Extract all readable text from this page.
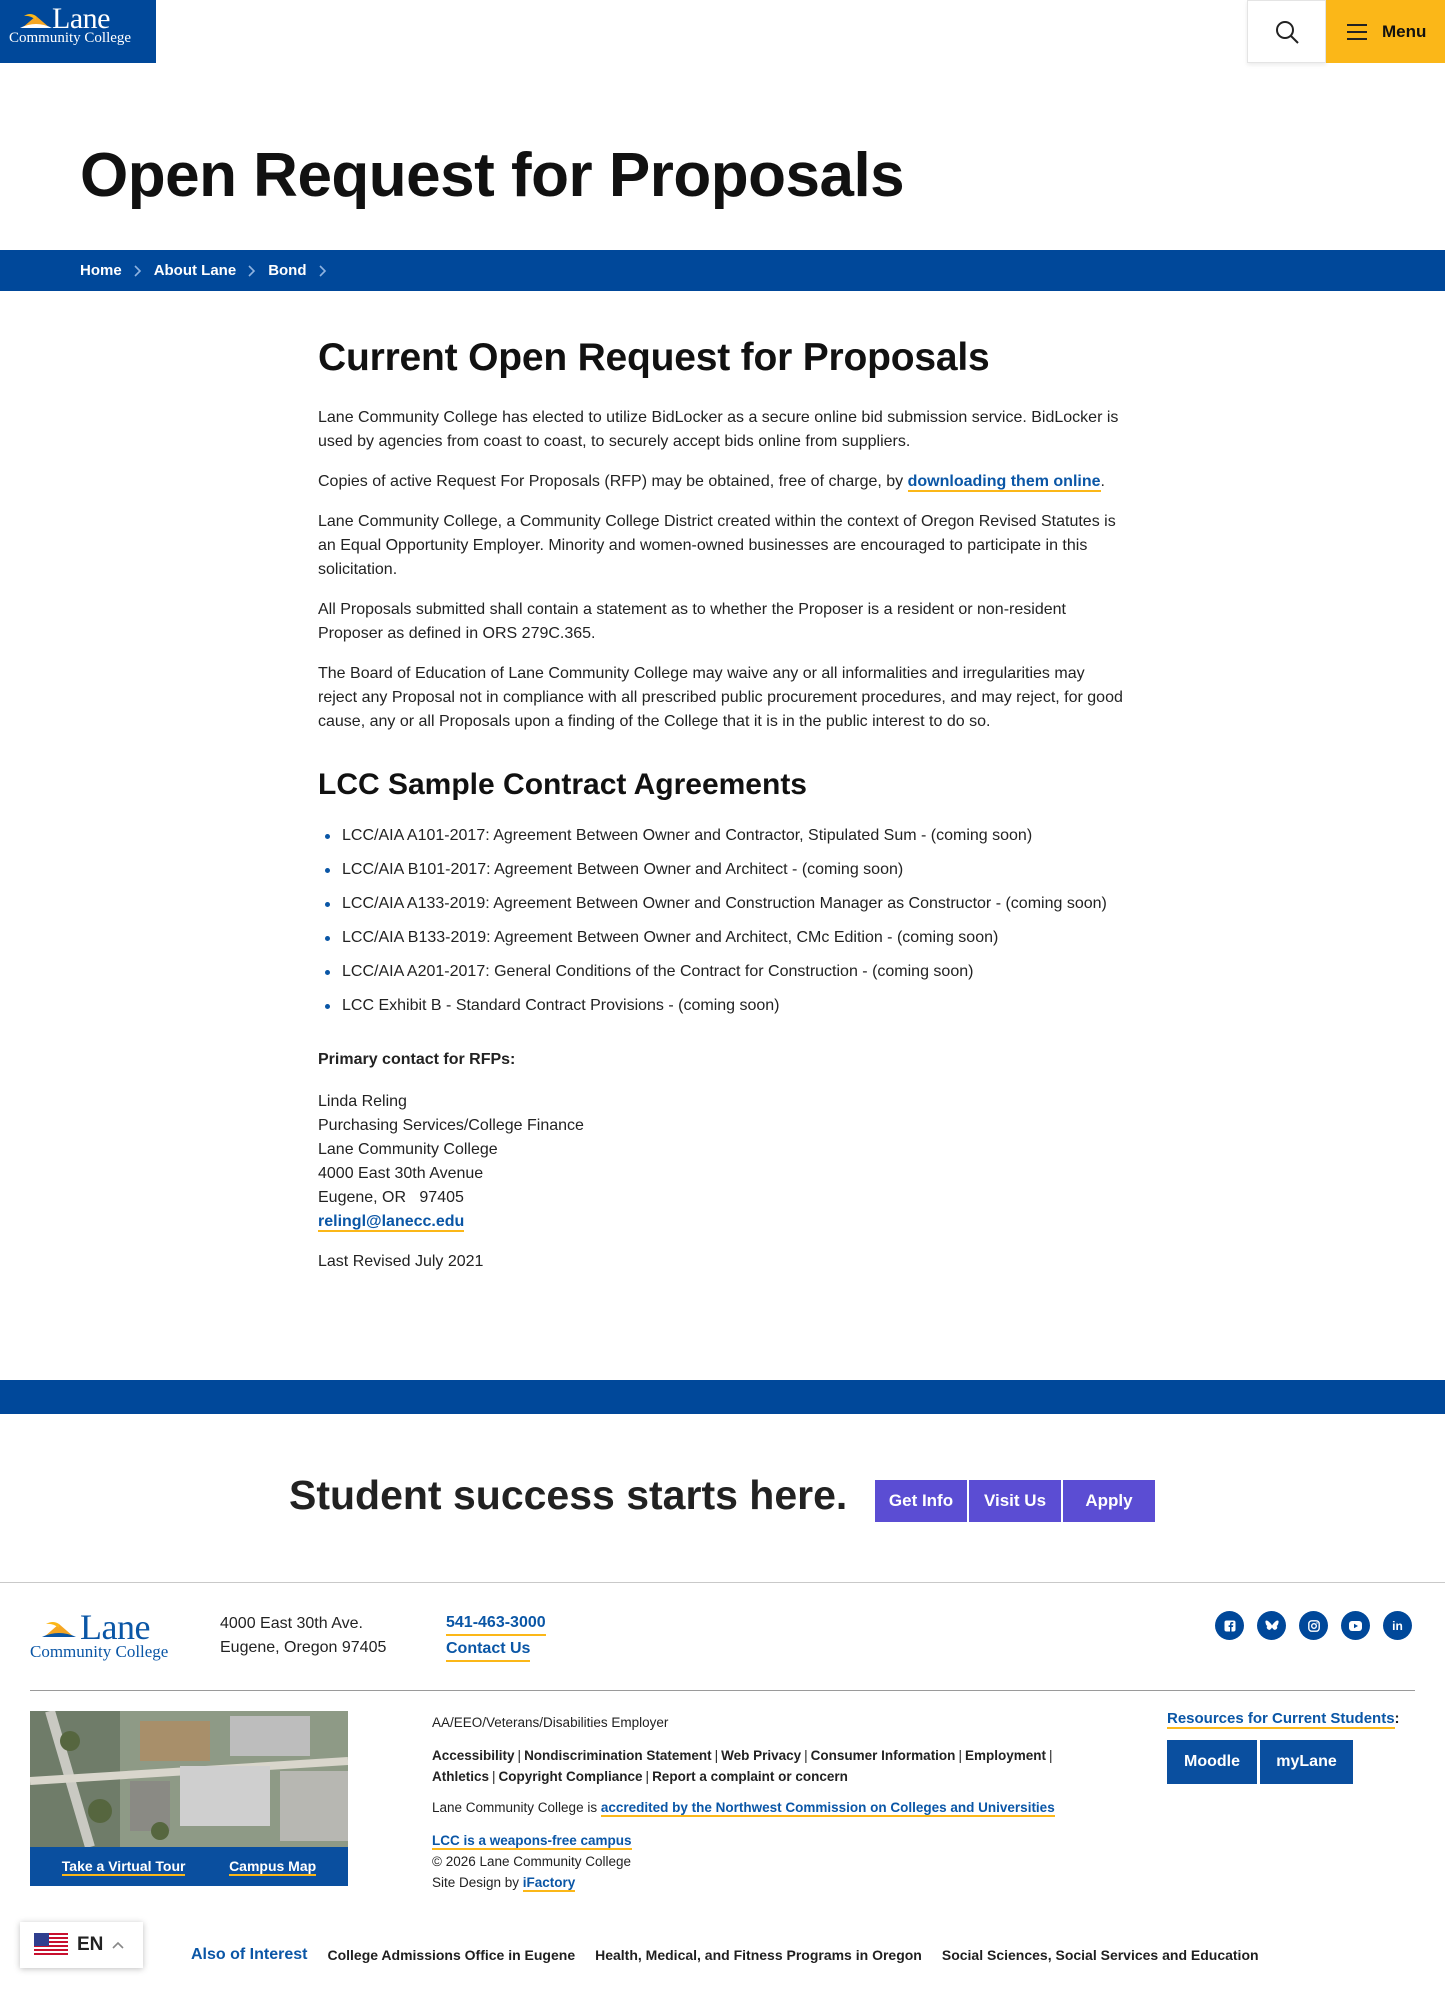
Lane
Community College	Menu
Open Request for Proposals
Home About Lane Bond
Current Open Request for Proposals

Lane Community College has elected to utilize BidLocker as a secure online bid submission service. BidLocker is used by agencies from coast to coast, to securely accept bids online from suppliers.

Copies of active Request For Proposals (RFP) may be obtained, free of charge, by downloading them online.

Lane Community College, a Community College District created within the context of Oregon Revised Statutes is an Equal Opportunity Employer. Minority and women-owned businesses are encouraged to participate in this solicitation.

All Proposals submitted shall contain a statement as to whether the Proposer is a resident or non-resident Proposer as defined in ORS 279C.365.

The Board of Education of Lane Community College may waive any or all informalities and irregularities may reject any Proposal not in compliance with all prescribed public procurement procedures, and may reject, for good cause, any or all Proposals upon a finding of the College that it is in the public interest to do so.

LCC Sample Contract Agreements
LCC/AIA A101-2017: Agreement Between Owner and Contractor, Stipulated Sum - (coming soon)
LCC/AIA B101-2017: Agreement Between Owner and Architect - (coming soon)
LCC/AIA A133-2019: Agreement Between Owner and Construction Manager as Constructor - (coming soon)
LCC/AIA B133-2019: Agreement Between Owner and Architect, CMc Edition - (coming soon)
LCC/AIA A201-2017: General Conditions of the Contract for Construction - (coming soon)
LCC Exhibit B - Standard Contract Provisions - (coming soon)

Primary contact for RFPs:

Linda Reling
Purchasing Services/College Finance
Lane Community College
4000 East 30th Avenue
Eugene, OR   97405
relingl@lanecc.edu

Last Revised July 2021

Student success starts here.	Get Info	Visit Us	Apply
Lane
Community College
4000 East 30th Ave.
Eugene, Oregon 97405
541-463-3000
Contact Us
in
Take a Virtual Tour	Campus Map
AA/EEO/Veterans/Disabilities Employer
Accessibility | Nondiscrimination Statement | Web Privacy | Consumer Information | Employment |
Athletics | Copyright Compliance | Report a complaint or concern
Lane Community College is accredited by the Northwest Commission on Colleges and Universities
LCC is a weapons-free campus
© 2026 Lane Community College
Site Design by iFactory
Resources for Current Students:
Moodle	myLane
EN	Also of Interest College Admissions Office in Eugene Health, Medical, and Fitness Programs in Oregon Social Sciences, Social Services and Education
